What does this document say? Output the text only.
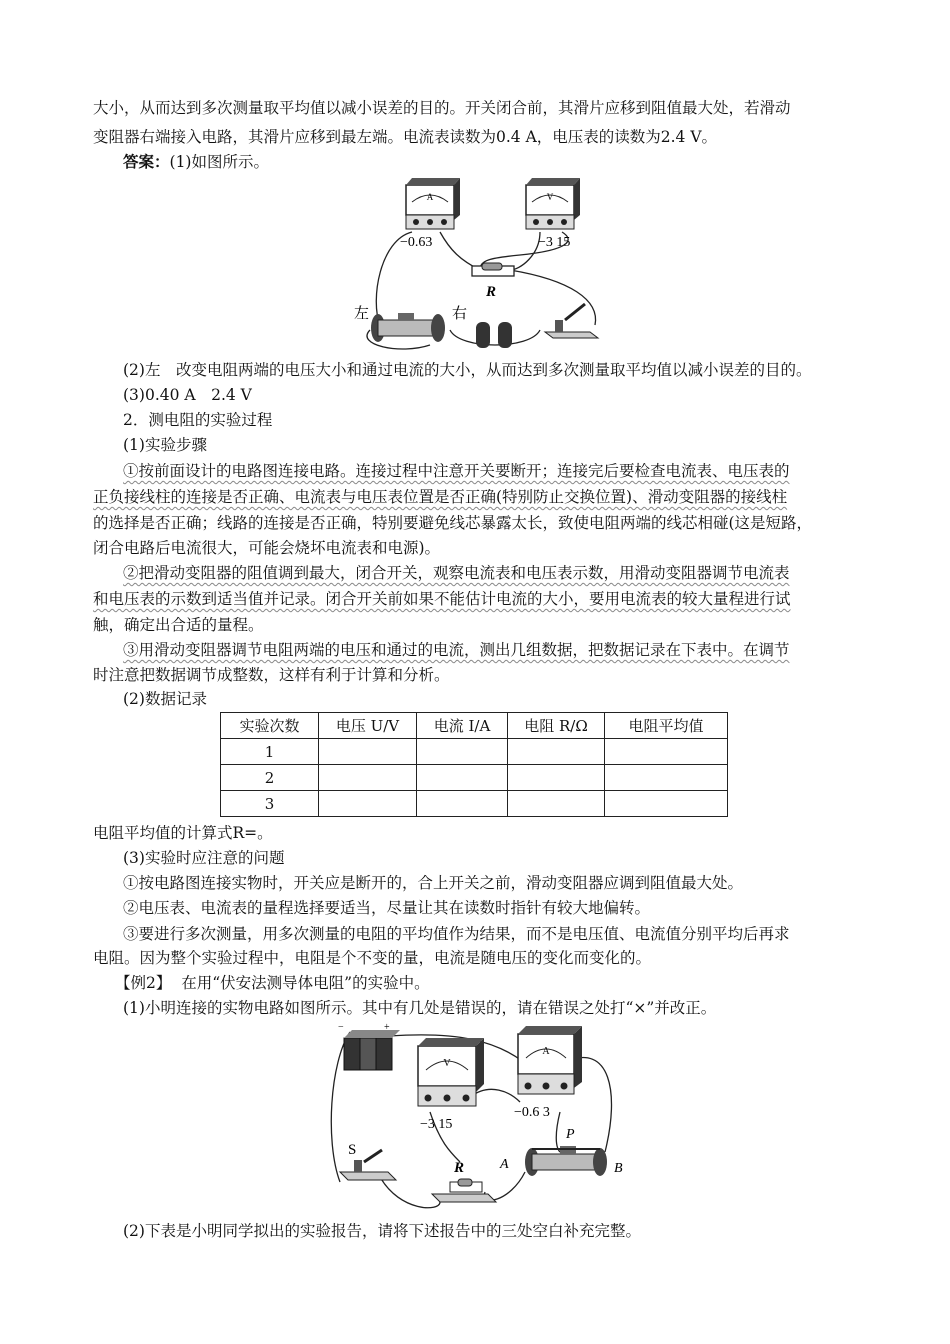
大小，从而达到多次测量取平均值以减小误差的目的。开关闭合前，其滑片应移到阻值最大处，若滑动
变阻器右端接入电路，其滑片应移到最左端。电流表读数为0.4 A，电压表的读数为2.4 V。
答案：(1)如图所示。
A
−0.63
V
−3 15
R
左	右
(2)左　改变电阻两端的电压大小和通过电流的大小，从而达到多次测量取平均值以减小误差的目的。
(3)0.40 A　2.4 V
2．测电阻的实验过程
(1)实验步骤
①按前面设计的电路图连接电路。连接过程中注意开关要断开；连接完后要检查电流表、电压表的
正负接线柱的连接是否正确、电流表与电压表位置是否正确(特别防止交换位置)、滑动变阻器的接线柱
的选择是否正确；线路的连接是否正确，特别要避免线芯暴露太长，致使电阻两端的线芯相碰(这是短路，
闭合电路后电流很大，可能会烧坏电流表和电源)。
②把滑动变阻器的阻值调到最大，闭合开关，观察电流表和电压表示数，用滑动变阻器调节电流表
和电压表的示数到适当值并记录。闭合开关前如果不能估计电流的大小，要用电流表的较大量程进行试
触，确定出合适的量程。
③用滑动变阻器调节电阻两端的电压和通过的电流，测出几组数据，把数据记录在下表中。在调节
时注意把数据调节成整数，这样有利于计算和分析。
(2)数据记录
实验次数	电压 U/V	电流 I/A	电阻 R/Ω	电阻平均值
1				
2				
3				
电阻平均值的计算式R=。
(3)实验时应注意的问题
①按电路图连接实物时，开关应是断开的，合上开关之前，滑动变阻器应调到阻值最大处。
②电压表、电流表的量程选择要适当，尽量让其在读数时指针有较大地偏转。
③要进行多次测量，用多次测量的电阻的平均值作为结果，而不是电压值、电流值分别平均后再求
电阻。因为整个实验过程中，电阻是个不变的量，电流是随电压的变化而变化的。
【例2】 在用“伏安法测导体电阻”的实验中。
(1)小明连接的实物电路如图所示。其中有几处是错误的，请在错误之处打“×”并改正。
−	+
V
−3 15
A
−0.6 3
S
R
P
A	B
(2)下表是小明同学拟出的实验报告，请将下述报告中的三处空白补充完整。
